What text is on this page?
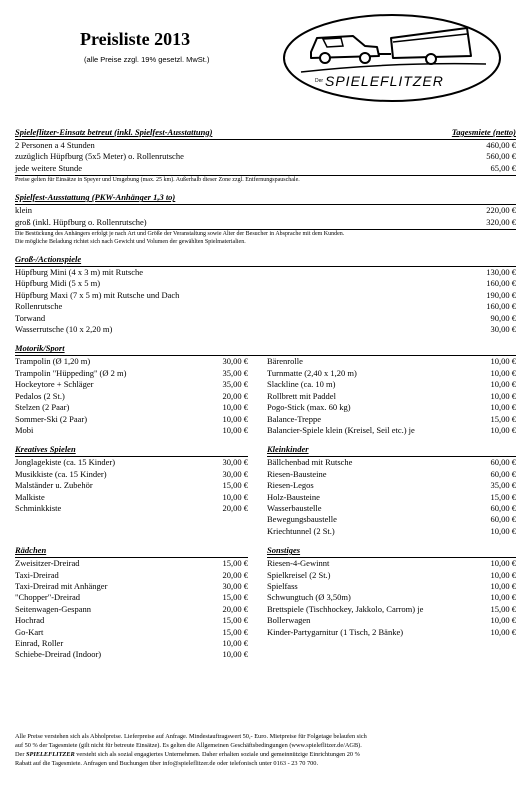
Preisliste 2013
(alle Preise zzgl. 19% gesetzl. MwSt.)
Der SPIELEFLITZER
Spieleflitzer-Einsatz betreut (inkl. Spielfest-Ausstattung)	Tagesmiete (netto)
2 Personen a 4 Stunden	460,00 €
zuzüglich Hüpfburg (5x5 Meter) o. Rollenrutsche	560,00 €
jede weitere Stunde	65,00 €
Preise gelten für Einsätze in Speyer und Umgebung (max. 25 km). Außerhalb dieser Zone zzgl. Entfernungspauschale.
Spielfest-Ausstattung (PKW-Anhänger 1,3 to)
klein	220,00 €
groß (inkl. Hüpfburg o. Rollenrutsche)	320,00 €
Die Bestückung des Anhängers erfolgt je nach Art und Größe der Veranstaltung sowie Alter der Besucher in Absprache mit dem Kunden.
Die mögliche Beladung richtet sich nach Gewicht und Volumen der gewählten Spielmaterialien.
Groß-/Actionspiele
Hüpfburg Mini (4 x 3 m) mit Rutsche	130,00 €
Hüpfburg Midi (5 x 5 m)	160,00 €
Hüpfburg Maxi (7 x 5 m) mit Rutsche und Dach	190,00 €
Rollenrutsche	160,00 €
Torwand	90,00 €
Wasserrutsche (10 x 2,20 m)	30,00 €
Motorik/Sport
Trampolin (Ø 1,20 m)	30,00 €
Trampolin "Hüppeding" (Ø 2 m)	35,00 €
Hockeytore + Schläger	35,00 €
Pedalos (2 St.)	20,00 €
Stelzen (2 Paar)	10,00 €
Sommer-Ski (2 Paar)	10,00 €
Mobi	10,00 €
Bärenrolle	10,00 €
Turnmatte (2,40 x 1,20 m)	10,00 €
Slackline (ca. 10 m)	10,00 €
Rollbrett mit Paddel	10,00 €
Pogo-Stick (max. 60 kg)	10,00 €
Balance-Treppe	15,00 €
Balancier-Spiele klein (Kreisel, Seil etc.) je	10,00 €
Kreatives Spielen
Jonglagekiste (ca. 15 Kinder)	30,00 €
Musikkiste (ca. 15 Kinder)	30,00 €
Malständer u. Zubehör	15,00 €
Malkiste	10,00 €
Schminkkiste	20,00 €
Kleinkinder
Bällchenbad mit Rutsche	60,00 €
Riesen-Bausteine	60,00 €
Riesen-Legos	35,00 €
Holz-Bausteine	15,00 €
Wasserbaustelle	60,00 €
Bewegungsbaustelle	60,00 €
Kriechtunnel (2 St.)	10,00 €
Rädchen
Zweisitzer-Dreirad	15,00 €
Taxi-Dreirad	20,00 €
Taxi-Dreirad mit Anhänger	30,00 €
"Chopper"-Dreirad	15,00 €
Seitenwagen-Gespann	20,00 €
Hochrad	15,00 €
Go-Kart	15,00 €
Einrad, Roller	10,00 €
Schiebe-Dreirad (Indoor)	10,00 €
Sonstiges
Riesen-4-Gewinnt	10,00 €
Spielkreisel (2 St.)	10,00 €
Spielfass	10,00 €
Schwungtuch (Ø 3,50m)	10,00 €
Brettspiele (Tischhockey, Jakkolo, Carrom) je	15,00 €
Bollerwagen	10,00 €
Kinder-Partygarnitur (1 Tisch, 2 Bänke)	10,00 €
Alle Preise verstehen sich als Abholpreise. Lieferpreise auf Anfrage. Mindestauftragswert 50,- Euro. Mietpreise für Folgetage belaufen sich
auf 50 % der Tagesmiete (gilt nicht für betreute Einsätze). Es gelten die Allgemeinen Geschäftsbedingungen (www.spieleflitzer.de/AGB).
Der SPIELEFLITZER versteht sich als sozial engagiertes Unternehmen. Daher erhalten soziale und gemeinnützige Einrichtungen 20 %
Rabatt auf die Tagesmiete. Anfragen und Buchungen über info@spieleflitzer.de oder telefonisch unter 0163 - 23 70 700.
